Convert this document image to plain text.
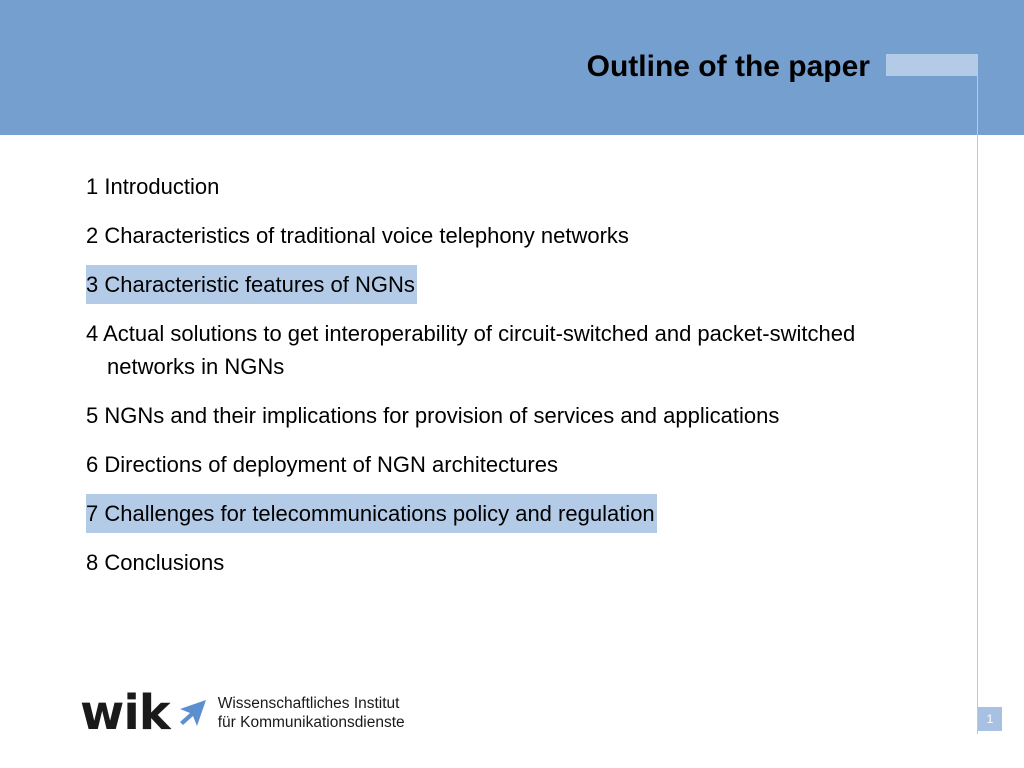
Outline of the paper
1 Introduction
2 Characteristics of traditional voice telephony networks
3 Characteristic features of NGNs
4 Actual solutions to get interoperability of circuit-switched and packet-switched networks in NGNs
5 NGNs and their implications for provision of services and applications
6 Directions of deployment of NGN architectures
7 Challenges for telecommunications policy and regulation
8 Conclusions
wik	Wissenschaftliches Institut
für Kommunikationsdienste	1
